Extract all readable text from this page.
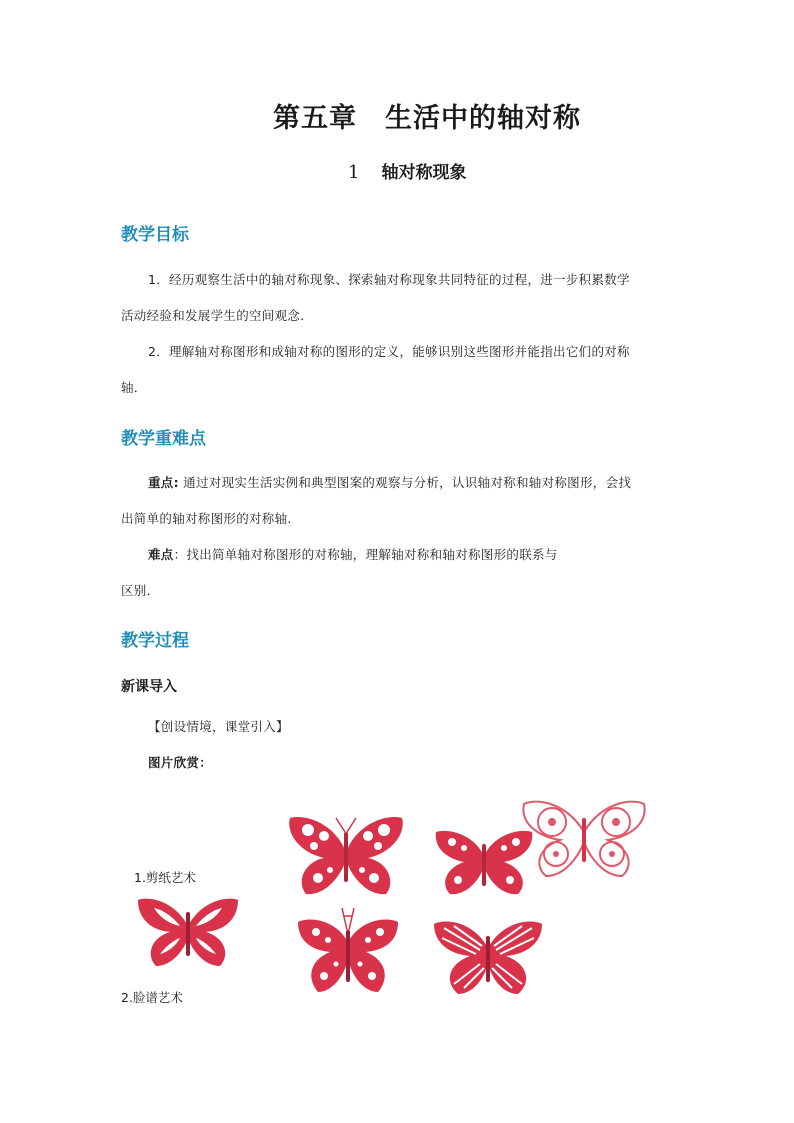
第五章 生活中的轴对称
1 轴对称现象
教学目标
1．经历观察生活中的轴对称现象、探索轴对称现象共同特征的过程，进一步积累数学
活动经验和发展学生的空间观念．
2．理解轴对称图形和成轴对称的图形的定义，能够识别这些图形并能指出它们的对称
轴．
教学重难点
重点: 通过对现实生活实例和典型图案的观察与分析，认识轴对称和轴对称图形，会找
出简单的轴对称图形的对称轴.
难点：找出简单轴对称图形的对称轴，理解轴对称和轴对称图形的联系与
区别．
教学过程
新课导入
【创设情境，课堂引入】
图片欣赏：
1.剪纸艺术
2.脸谱艺术
